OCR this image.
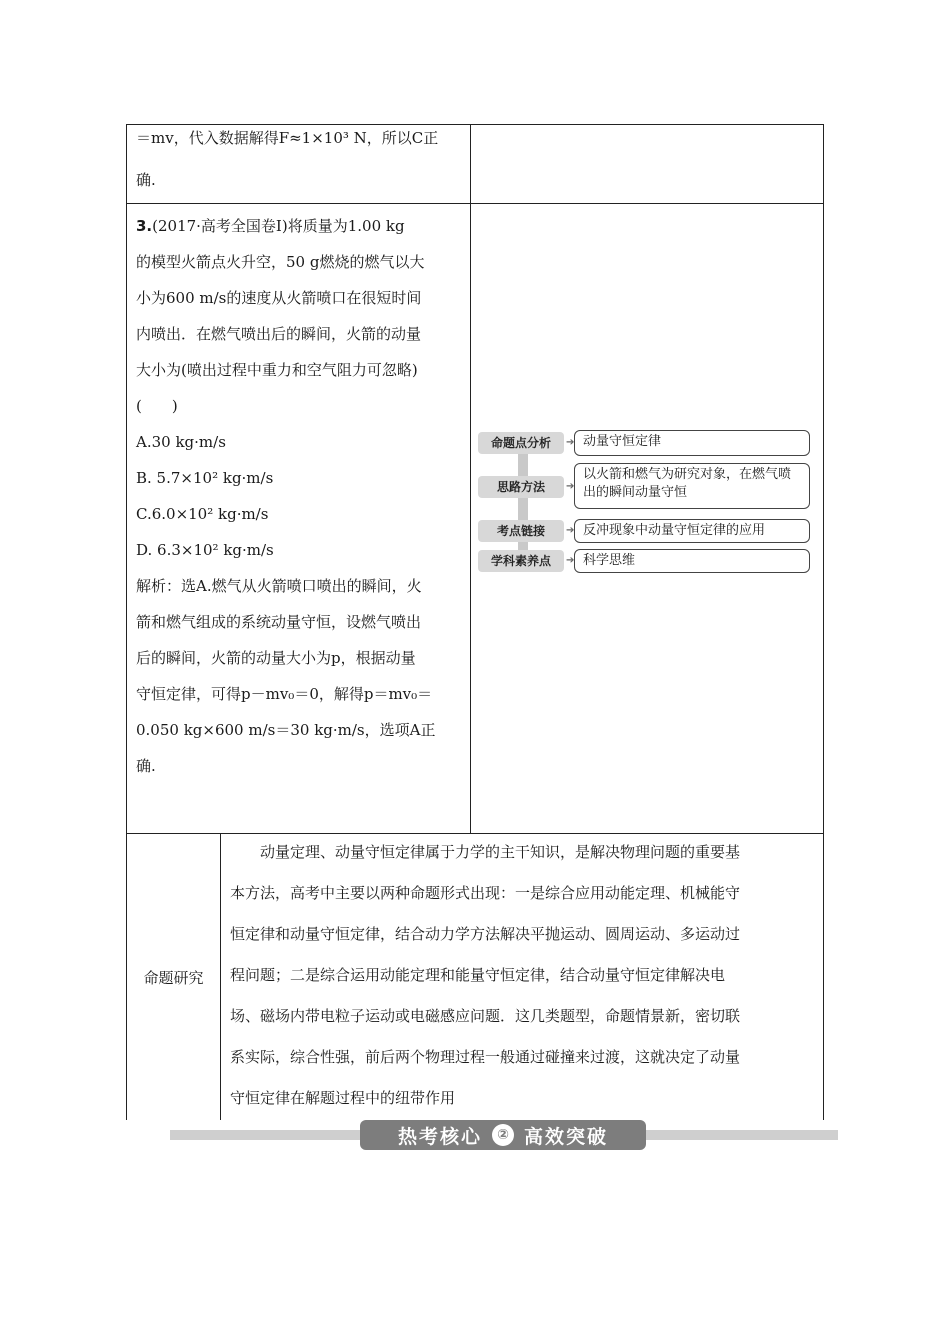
＝mv，代入数据解得F≈1×10³ N，所以C正
确.
3.(2017·高考全国卷Ⅰ)将质量为1.00 kg
的模型火箭点火升空，50 g燃烧的燃气以大
小为600 m/s的速度从火箭喷口在很短时间
内喷出．在燃气喷出后的瞬间，火箭的动量
大小为(喷出过程中重力和空气阻力可忽略)
(　　)
A.30 kg·m/s
B. 5.7×10² kg·m/s
C.6.0×10² kg·m/s
D. 6.3×10² kg·m/s
解析：选A.燃气从火箭喷口喷出的瞬间，火
箭和燃气组成的系统动量守恒，设燃气喷出
后的瞬间，火箭的动量大小为p，根据动量
守恒定律，可得p－mv₀＝0，解得p＝mv₀＝
0.050 kg×600 m/s＝30 kg·m/s，选项A正
确.
命题点分析	➔ 动量守恒定律
思路方法	➔
以火箭和燃气为研究对象，在燃气喷出的瞬间动量守恒
考点链接	➔ 反冲现象中动量守恒定律的应用
学科素养点	➔ 科学思维
命题研究
　　动量定理、动量守恒定律属于力学的主干知识，是解决物理问题的重要基
本方法，高考中主要以两种命题形式出现：一是综合应用动能定理、机械能守
恒定律和动量守恒定律，结合动力学方法解决平抛运动、圆周运动、多运动过
程问题；二是综合运用动能定理和能量守恒定律，结合动量守恒定律解决电
场、磁场内带电粒子运动或电磁感应问题．这几类题型，命题情景新，密切联
系实际，综合性强，前后两个物理过程一般通过碰撞来过渡，这就决定了动量
守恒定律在解题过程中的纽带作用
热考核心	② 高效突破
